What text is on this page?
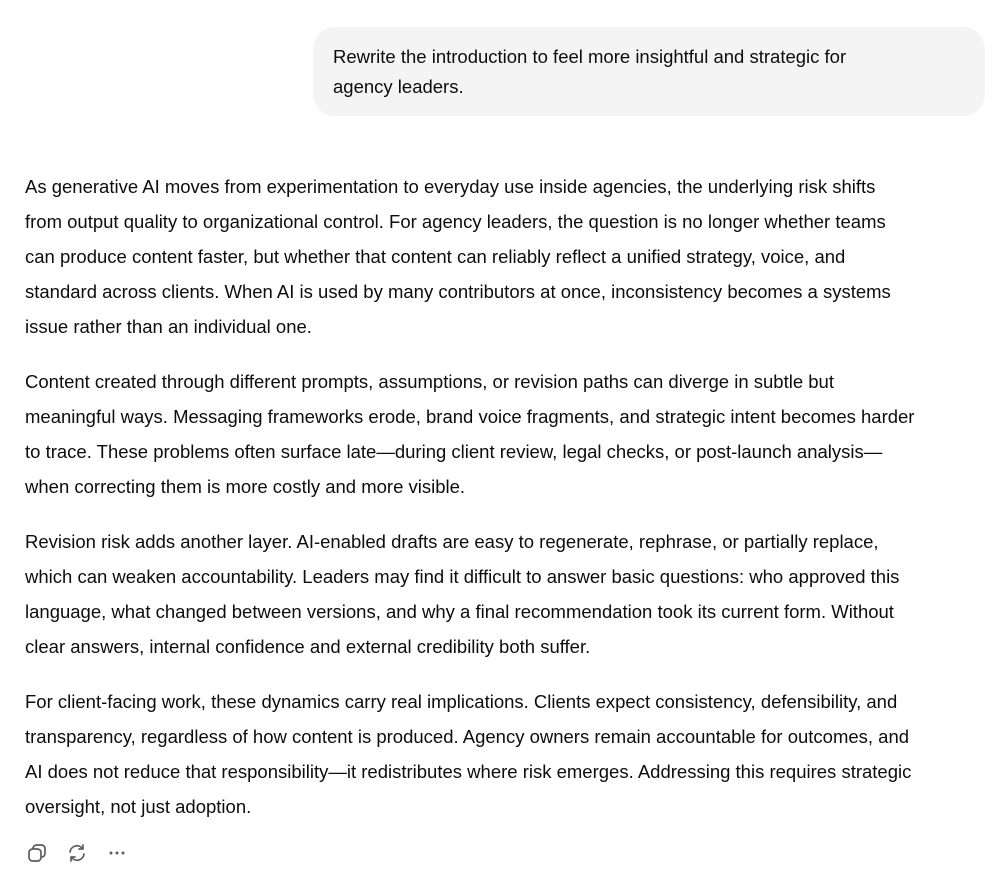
Rewrite the introduction to feel more insightful and strategic for
agency leaders.

As generative AI moves from experimentation to everyday use inside agencies, the underlying risk shifts
from output quality to organizational control. For agency leaders, the question is no longer whether teams
can produce content faster, but whether that content can reliably reflect a unified strategy, voice, and
standard across clients. When AI is used by many contributors at once, inconsistency becomes a systems
issue rather than an individual one.

Content created through different prompts, assumptions, or revision paths can diverge in subtle but
meaningful ways. Messaging frameworks erode, brand voice fragments, and strategic intent becomes harder
to trace. These problems often surface late—during client review, legal checks, or post-launch analysis—
when correcting them is more costly and more visible.

Revision risk adds another layer. AI-enabled drafts are easy to regenerate, rephrase, or partially replace,
which can weaken accountability. Leaders may find it difficult to answer basic questions: who approved this
language, what changed between versions, and why a final recommendation took its current form. Without
clear answers, internal confidence and external credibility both suffer.

For client-facing work, these dynamics carry real implications. Clients expect consistency, defensibility, and
transparency, regardless of how content is produced. Agency owners remain accountable for outcomes, and
AI does not reduce that responsibility—it redistributes where risk emerges. Addressing this requires strategic
oversight, not just adoption.
